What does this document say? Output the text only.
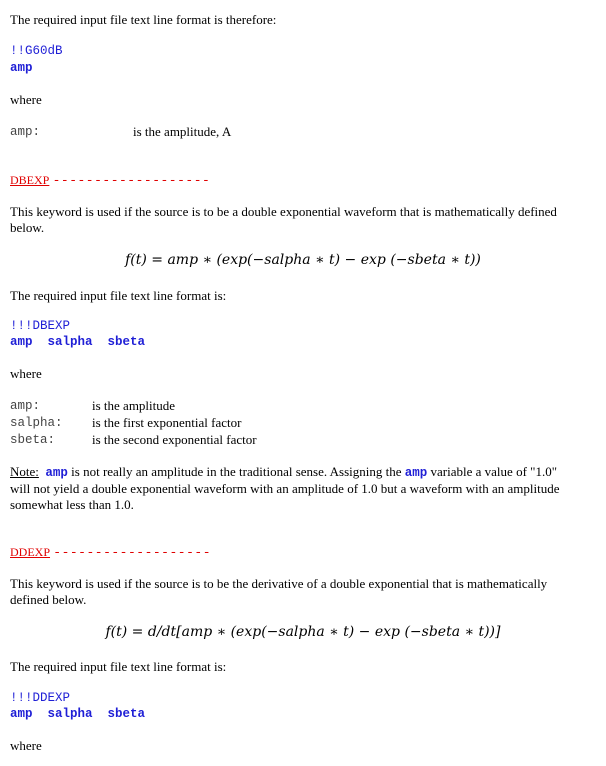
The required input file text line format is therefore:
!!G60dB
amp
where
amp:	is the amplitude, A
DBEXP -------------------
This keyword is used if the source is to be a double exponential waveform that is mathematically defined below.
f(t) = amp ∗ (exp(−salpha ∗ t) − exp (−sbeta ∗ t))
The required input file text line format is:
!!!DBEXP
amp  salpha  sbeta
where
amp:	is the amplitude
salpha: is the first exponential factor
sbeta:	is the second exponential factor
Note: amp is not really an amplitude in the traditional sense. Assigning the amp variable a value of "1.0" will not yield a double exponential waveform with an amplitude of 1.0 but a waveform with an amplitude somewhat less than 1.0.
DDEXP -------------------
This keyword is used if the source is to be the derivative of a double exponential that is mathematically defined below.
f(t) = d/dt[amp ∗ (exp(−salpha ∗ t) − exp (−sbeta ∗ t))]
The required input file text line format is:
!!!DDEXP
amp  salpha  sbeta
where
